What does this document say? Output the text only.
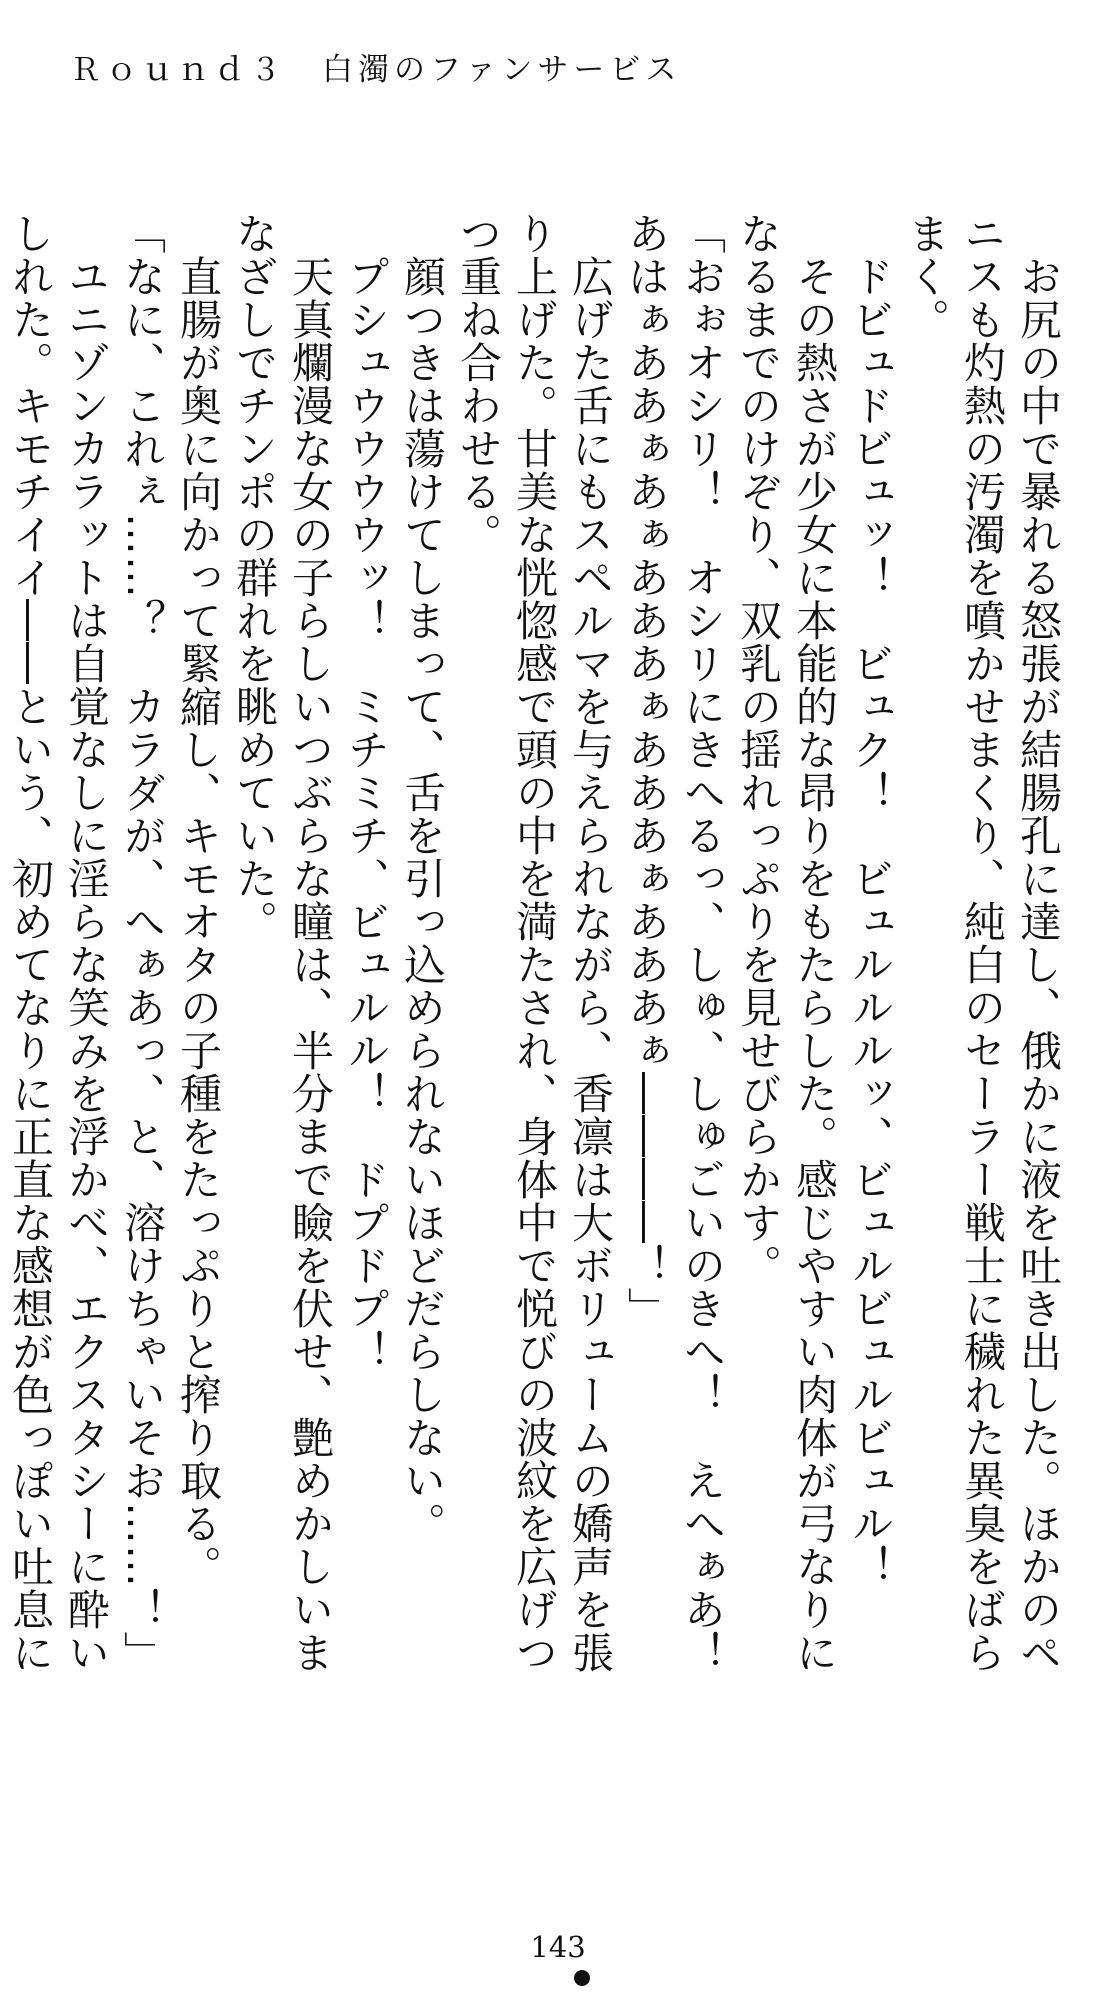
Ｒｏｕｎｄ３　白濁のファンサービス

　お尻の中で暴れる怒張が結腸孔に達し、俄かに液を吐き出した。ほかのペニスも灼熱の汚濁を噴かせまくり、純白のセーラー戦士に穢れた異臭をばらまく。

　ドビュドビュッ！　ビュク！　ビュルルルッ、ビュルビュルビュル！

　その熱さが少女に本能的な昂りをもたらした。感じやすい肉体が弓なりになるまでのけぞり、双乳の揺れっぷりを見せびらかす。

「おぉオシリ！　オシリにきへるっ、しゅ、しゅごいのきへ！　えへぁあ！　あはぁああぁあぁあああぁあああぁあああぁ――――！」

　広げた舌にもスペルマを与えられながら、香凛は大ボリュームの嬌声を張り上げた。甘美な恍惚感で頭の中を満たされ、身体中で悦びの波紋を広げつつ重ね合わせる。

　顔つきは蕩けてしまって、舌を引っ込められないほどだらしない。

　プシュウウウウッ！　ミチミチ、ビュルル！　ドプドプ！

　天真爛漫な女の子らしいつぶらな瞳は、半分まで瞼を伏せ、艶めかしいまなざしでチンポの群れを眺めていた。

　直腸が奥に向かって緊縮し、キモオタの子種をたっぷりと搾り取る。

「なに、これぇ……？　カラダが、へぁあっ、と、溶けちゃいそお……！」

　ユニゾンカラットは自覚なしに淫らな笑みを浮かべ、エクスタシーに酔いしれた。キモチイイ――という、初めてなりに正直な感想が色っぽい吐息に

143
